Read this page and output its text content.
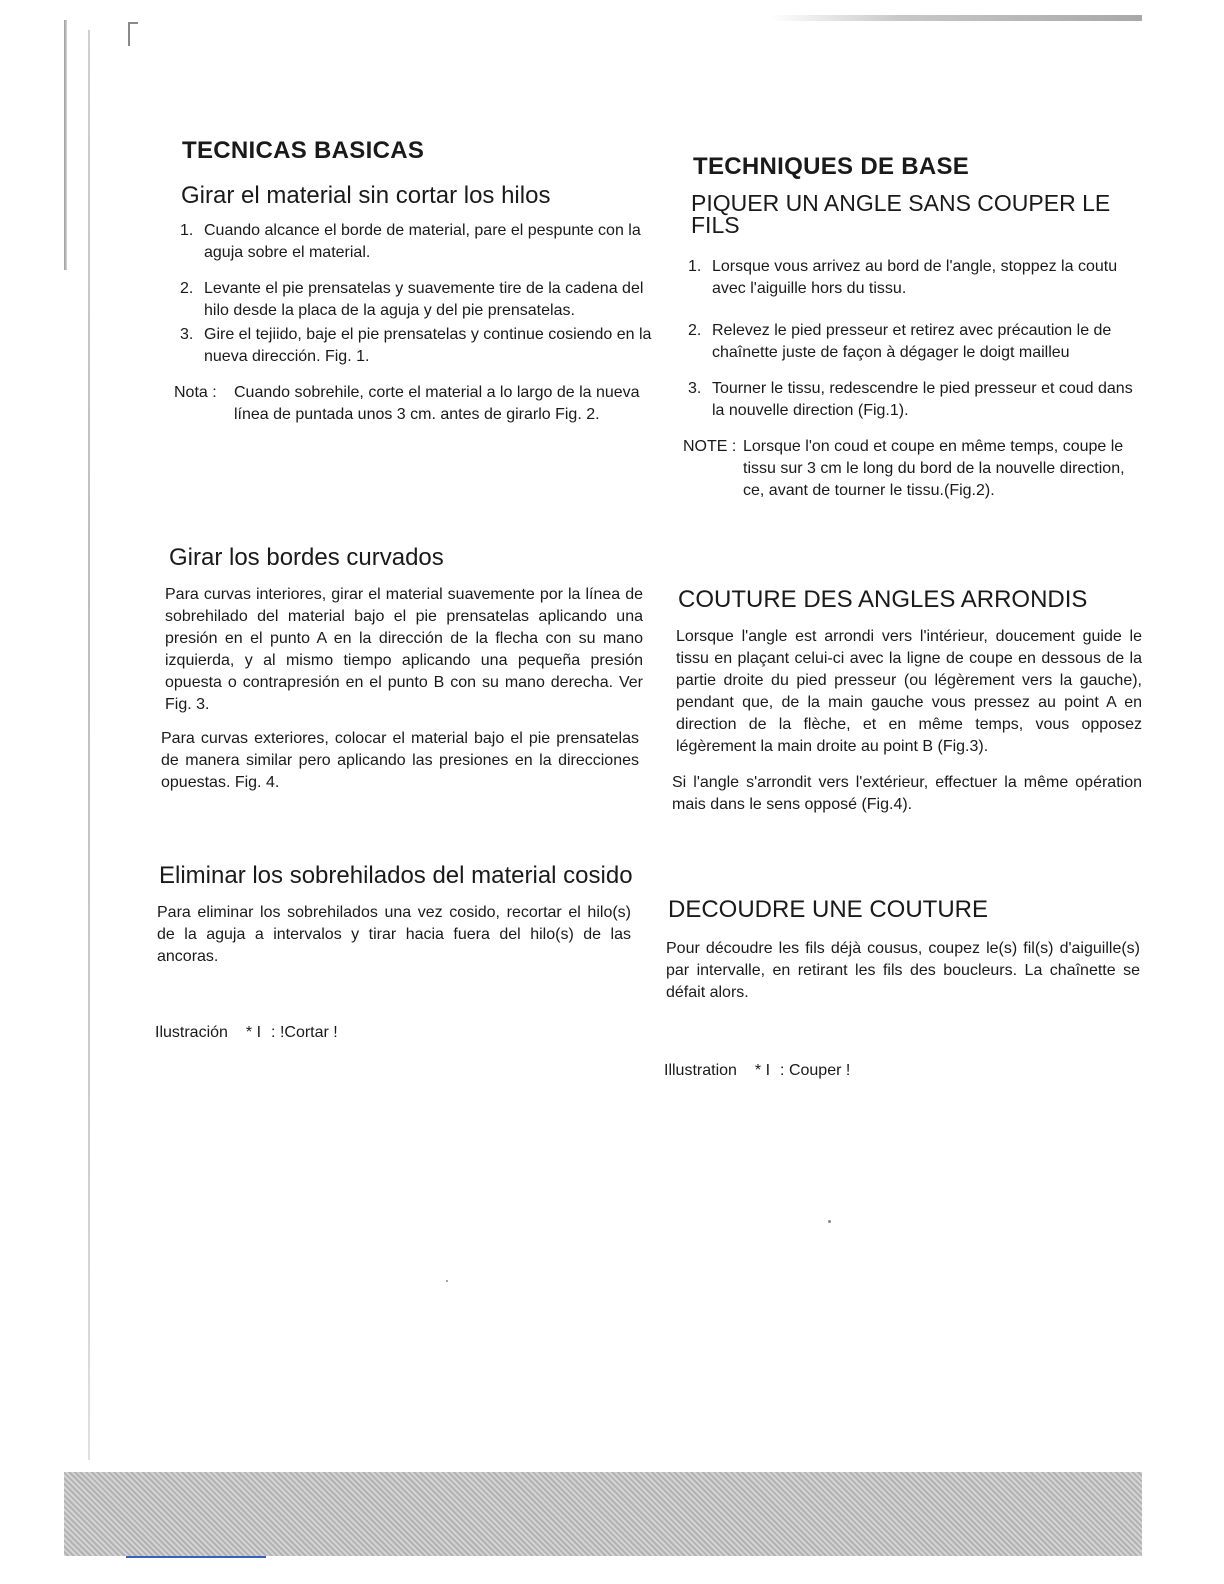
TECNICAS BASICAS
Girar el material sin cortar los hilos
1. Cuando alcance el borde de material, pare el pespunte con la aguja sobre el material.
2. Levante el pie prensatelas y suavemente tire de la cadena del hilo desde la placa de la aguja y del pie prensatelas.
3. Gire el tejiido, baje el pie prensatelas y continue cosiendo en la nueva dirección. Fig. 1.
Nota :	Cuando sobrehile, corte el material a lo largo de la nueva línea de puntada unos 3 cm. antes de girarlo Fig. 2.
Girar los bordes curvados

Para curvas interiores, girar el material suavemente por la línea de sobrehilado del material bajo el pie prensatelas aplicando una presión en el punto A en la dirección de la flecha con su mano izquierda, y al mismo tiempo aplicando una pequeña presión opuesta o contrapresión en el punto B con su mano derecha. Ver Fig. 3.

Para curvas exteriores, colocar el material bajo el pie prensatelas de manera similar pero aplicando las presiones en la direcciones opuestas. Fig. 4.

Eliminar los sobrehilados del material cosido

Para eliminar los sobrehilados una vez cosido, recortar el hilo(s) de la aguja a intervalos y tirar hacia fuera del hilo(s) de las ancoras.

Ilustración	* I : !Cortar !
TECHNIQUES DE BASE
PIQUER UN ANGLE SANS COUPER LE FILS
1. Lorsque vous arrivez au bord de l'angle, stoppez la coutu avec l'aiguille hors du tissu.
2. Relevez le pied presseur et retirez avec précaution le de chaînette juste de façon à dégager le doigt mailleu
3. Tourner le tissu, redescendre le pied presseur et coud dans la nouvelle direction (Fig.1).
NOTE : Lorsque l'on coud et coupe en même temps, coupe le tissu sur 3 cm le long du bord de la nouvelle direction, ce, avant de tourner le tissu.(Fig.2).
COUTURE DES ANGLES ARRONDIS

Lorsque l'angle est arrondi vers l'intérieur, doucement guide le tissu en plaçant celui-ci avec la ligne de coupe en dessous de la partie droite du pied presseur (ou légèrement vers la gauche), pendant que, de la main gauche vous pressez au point A en direction de la flèche, et en même temps, vous opposez légèrement la main droite au point B (Fig.3).

Si l'angle s'arrondit vers l'extérieur, effectuer la même opération mais dans le sens opposé (Fig.4).

DECOUDRE UNE COUTURE

Pour découdre les fils déjà cousus, coupez le(s) fil(s) d'aiguille(s) par intervalle, en retirant les fils des boucleurs. La chaînette se défait alors.

Illustration	* I : Couper !
